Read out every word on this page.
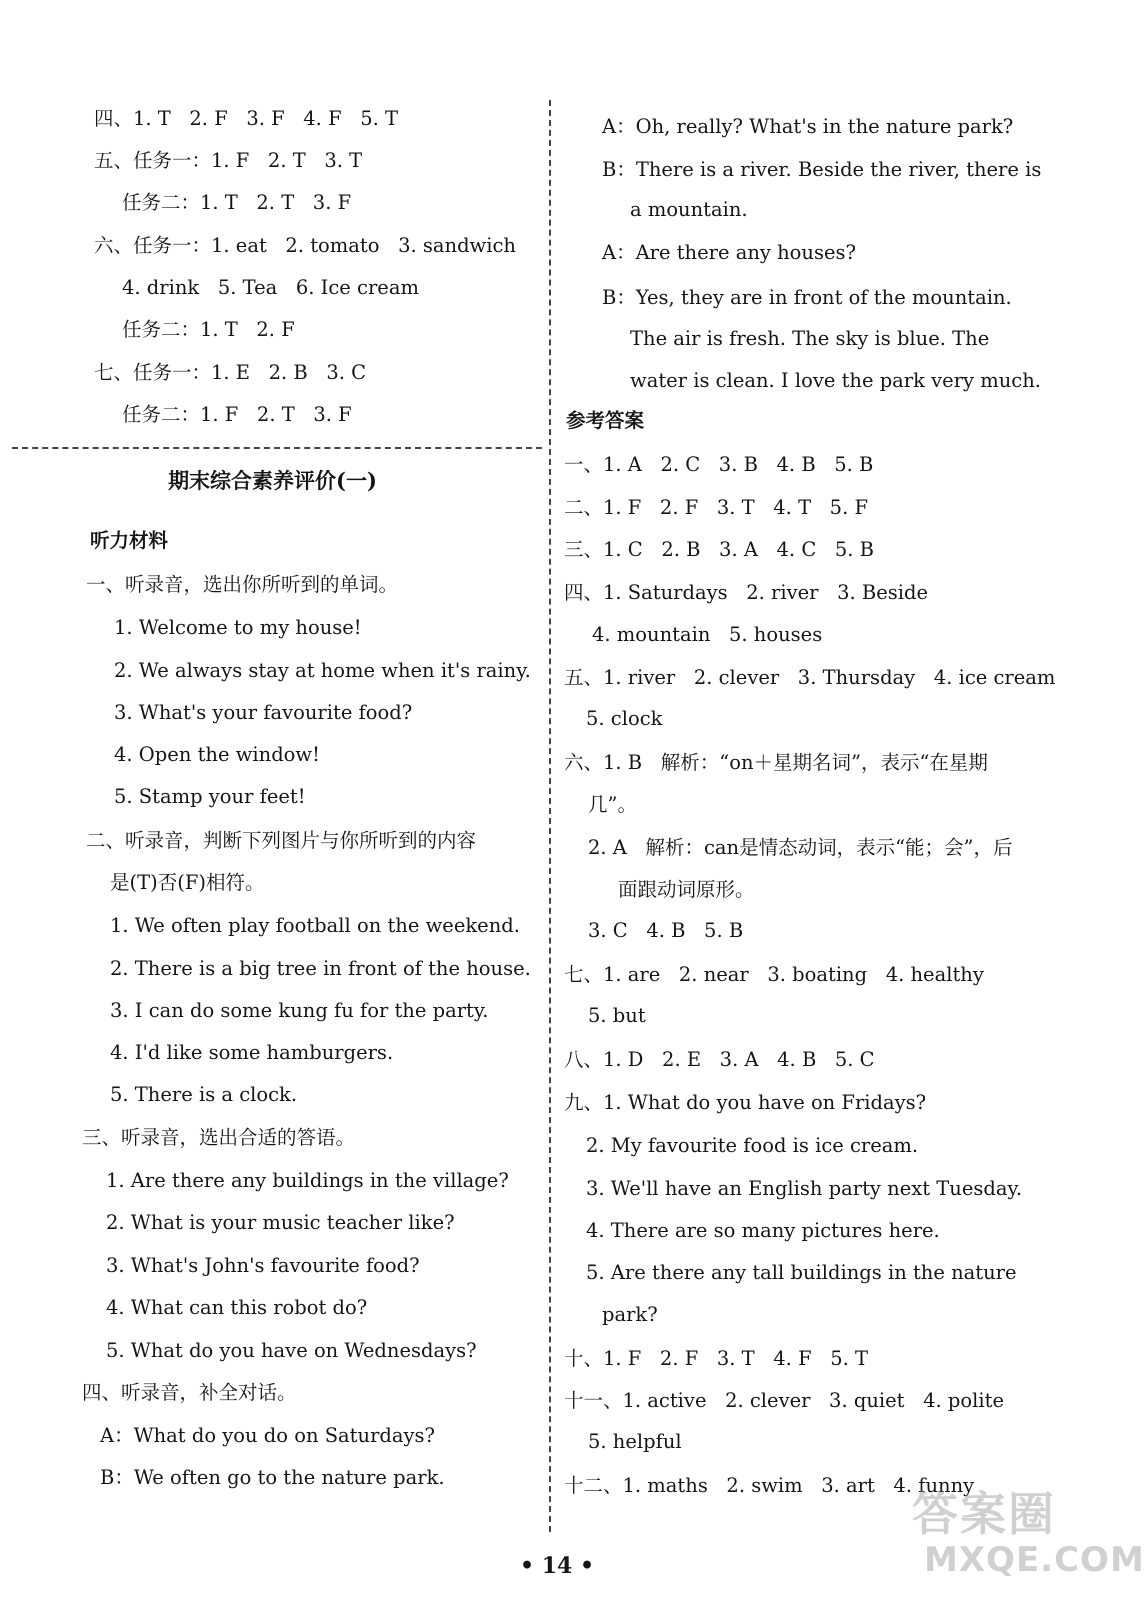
四、1. T   2. F   3. F   4. F   5. T
五、任务一：1. F   2. T   3. T
任务二：1. T   2. T   3. F
六、任务一：1. eat   2. tomato   3. sandwich
4. drink   5. Tea   6. Ice cream
任务二：1. T   2. F
七、任务一：1. E   2. B   3. C
任务二：1. F   2. T   3. F
期末综合素养评价(一)
听力材料
一、听录音，选出你所听到的单词。
1. Welcome to my house!
2. We always stay at home when it's rainy.
3. What's your favourite food?
4. Open the window!
5. Stamp your feet!
二、听录音，判断下列图片与你所听到的内容
是(T)否(F)相符。
1. We often play football on the weekend.
2. There is a big tree in front of the house.
3. I can do some kung fu for the party.
4. I'd like some hamburgers.
5. There is a clock.
三、听录音，选出合适的答语。
1. Are there any buildings in the village?
2. What is your music teacher like?
3. What's John's favourite food?
4. What can this robot do?
5. What do you have on Wednesdays?
四、听录音，补全对话。
A：What do you do on Saturdays?
B：We often go to the nature park.
A：Oh, really? What's in the nature park?
B：There is a river. Beside the river, there is
a mountain.
A：Are there any houses?
B：Yes, they are in front of the mountain.
The air is fresh. The sky is blue. The
water is clean. I love the park very much.
参考答案
一、1. A   2. C   3. B   4. B   5. B
二、1. F   2. F   3. T   4. T   5. F
三、1. C   2. B   3. A   4. C   5. B
四、1. Saturdays   2. river   3. Beside
4. mountain   5. houses
五、1. river   2. clever   3. Thursday   4. ice cream
5. clock
六、1. B   解析：“on＋星期名词”，表示“在星期
几”。
2. A   解析：can是情态动词，表示“能；会”，后
面跟动词原形。
3. C   4. B   5. B
七、1. are   2. near   3. boating   4. healthy
5. but
八、1. D   2. E   3. A   4. B   5. C
九、1. What do you have on Fridays?
2. My favourite food is ice cream.
3. We'll have an English party next Tuesday.
4. There are so many pictures here.
5. Are there any tall buildings in the nature
park?
十、1. F   2. F   3. T   4. F   5. T
十一、1. active   2. clever   3. quiet   4. polite
5. helpful
十二、1. maths   2. swim   3. art   4. funny
• 14 •
答案圈
MXQE.COM
